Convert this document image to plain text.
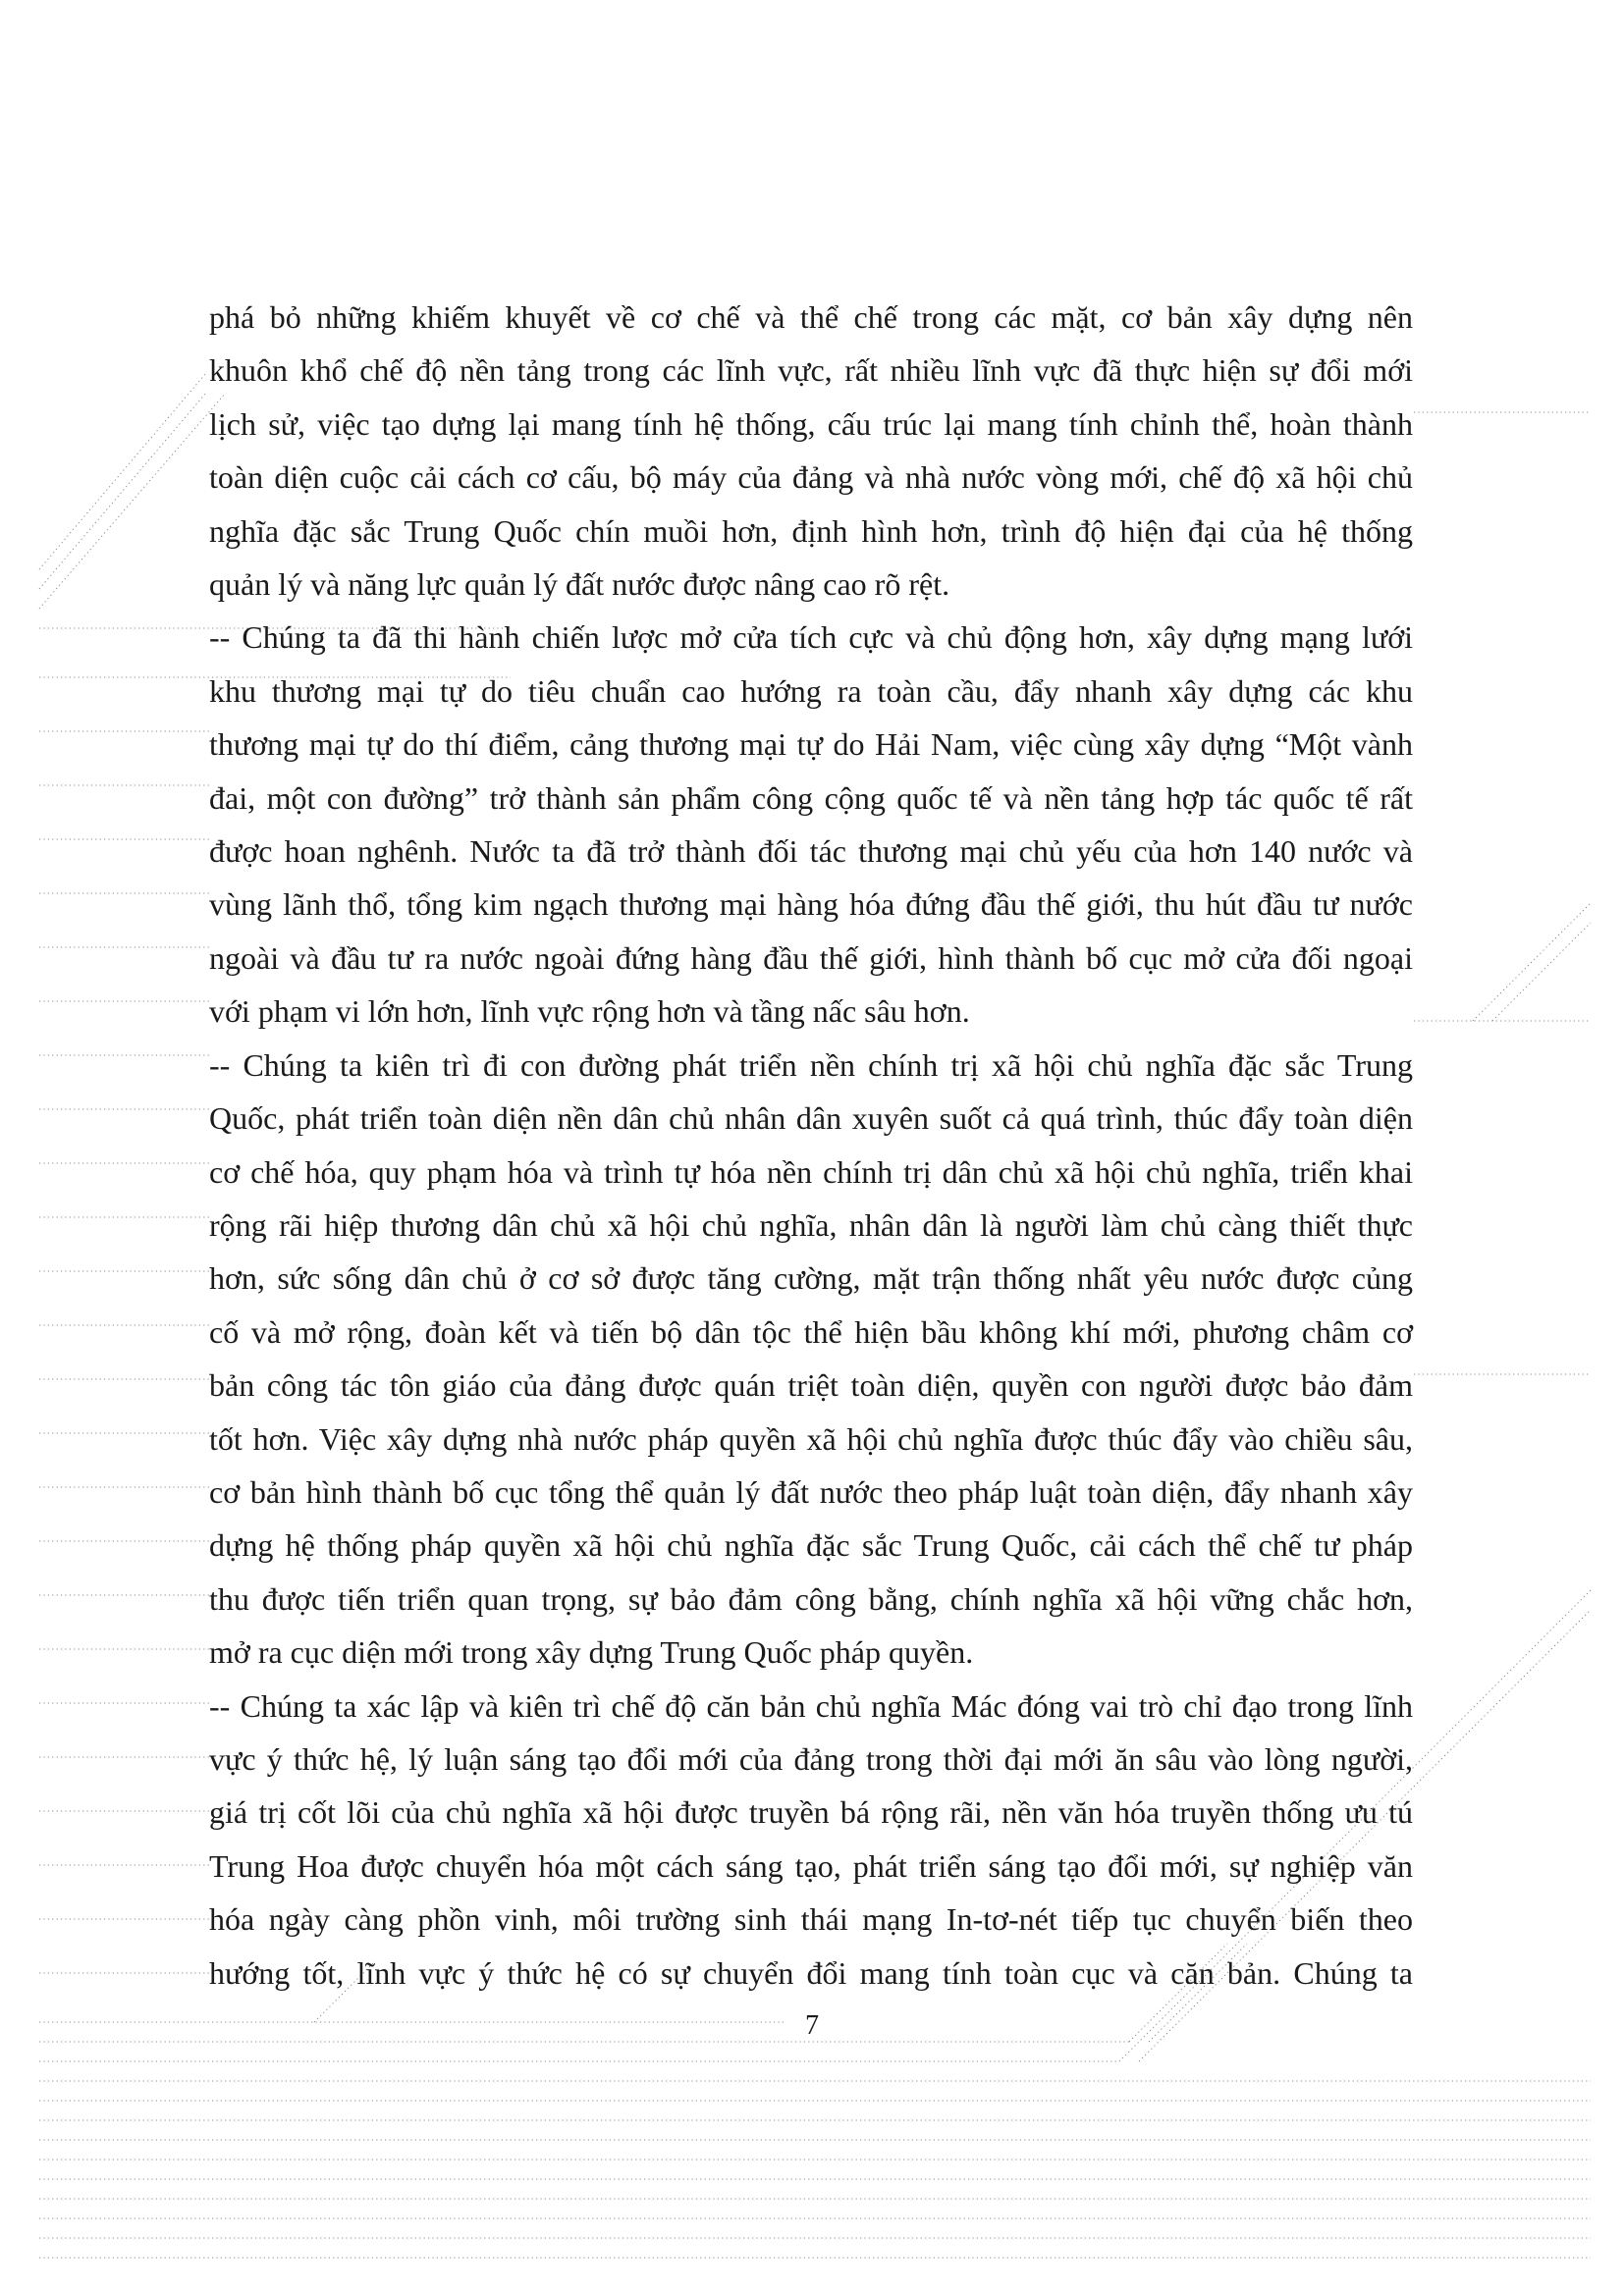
phá bỏ những khiếm khuyết về cơ chế và thể chế trong các mặt, cơ bản xây dựng nên
khuôn khổ chế độ nền tảng trong các lĩnh vực, rất nhiều lĩnh vực đã thực hiện sự đổi mới
lịch sử, việc tạo dựng lại mang tính hệ thống, cấu trúc lại mang tính chỉnh thể, hoàn thành
toàn diện cuộc cải cách cơ cấu, bộ máy của đảng và nhà nước vòng mới, chế độ xã hội chủ
nghĩa đặc sắc Trung Quốc chín muồi hơn, định hình hơn, trình độ hiện đại của hệ thống
quản lý và năng lực quản lý đất nước được nâng cao rõ rệt.
-- Chúng ta đã thi hành chiến lược mở cửa tích cực và chủ động hơn, xây dựng mạng lưới
khu thương mại tự do tiêu chuẩn cao hướng ra toàn cầu, đẩy nhanh xây dựng các khu
thương mại tự do thí điểm, cảng thương mại tự do Hải Nam, việc cùng xây dựng “Một vành
đai, một con đường” trở thành sản phẩm công cộng quốc tế và nền tảng hợp tác quốc tế rất
được hoan nghênh. Nước ta đã trở thành đối tác thương mại chủ yếu của hơn 140 nước và
vùng lãnh thổ, tổng kim ngạch thương mại hàng hóa đứng đầu thế giới, thu hút đầu tư nước
ngoài và đầu tư ra nước ngoài đứng hàng đầu thế giới, hình thành bố cục mở cửa đối ngoại
với phạm vi lớn hơn, lĩnh vực rộng hơn và tầng nấc sâu hơn.
-- Chúng ta kiên trì đi con đường phát triển nền chính trị xã hội chủ nghĩa đặc sắc Trung
Quốc, phát triển toàn diện nền dân chủ nhân dân xuyên suốt cả quá trình, thúc đẩy toàn diện
cơ chế hóa, quy phạm hóa và trình tự hóa nền chính trị dân chủ xã hội chủ nghĩa, triển khai
rộng rãi hiệp thương dân chủ xã hội chủ nghĩa, nhân dân là người làm chủ càng thiết thực
hơn, sức sống dân chủ ở cơ sở được tăng cường, mặt trận thống nhất yêu nước được củng
cố và mở rộng, đoàn kết và tiến bộ dân tộc thể hiện bầu không khí mới, phương châm cơ
bản công tác tôn giáo của đảng được quán triệt toàn diện, quyền con người được bảo đảm
tốt hơn. Việc xây dựng nhà nước pháp quyền xã hội chủ nghĩa được thúc đẩy vào chiều sâu,
cơ bản hình thành bố cục tổng thể quản lý đất nước theo pháp luật toàn diện, đẩy nhanh xây
dựng hệ thống pháp quyền xã hội chủ nghĩa đặc sắc Trung Quốc, cải cách thể chế tư pháp
thu được tiến triển quan trọng, sự bảo đảm công bằng, chính nghĩa xã hội vững chắc hơn,
mở ra cục diện mới trong xây dựng Trung Quốc pháp quyền.
-- Chúng ta xác lập và kiên trì chế độ căn bản chủ nghĩa Mác đóng vai trò chỉ đạo trong lĩnh
vực ý thức hệ, lý luận sáng tạo đổi mới của đảng trong thời đại mới ăn sâu vào lòng người,
giá trị cốt lõi của chủ nghĩa xã hội được truyền bá rộng rãi, nền văn hóa truyền thống ưu tú
Trung Hoa được chuyển hóa một cách sáng tạo, phát triển sáng tạo đổi mới, sự nghiệp văn
hóa ngày càng phồn vinh, môi trường sinh thái mạng In-tơ-nét tiếp tục chuyển biến theo
hướng tốt, lĩnh vực ý thức hệ có sự chuyển đổi mang tính toàn cục và căn bản. Chúng ta
7
